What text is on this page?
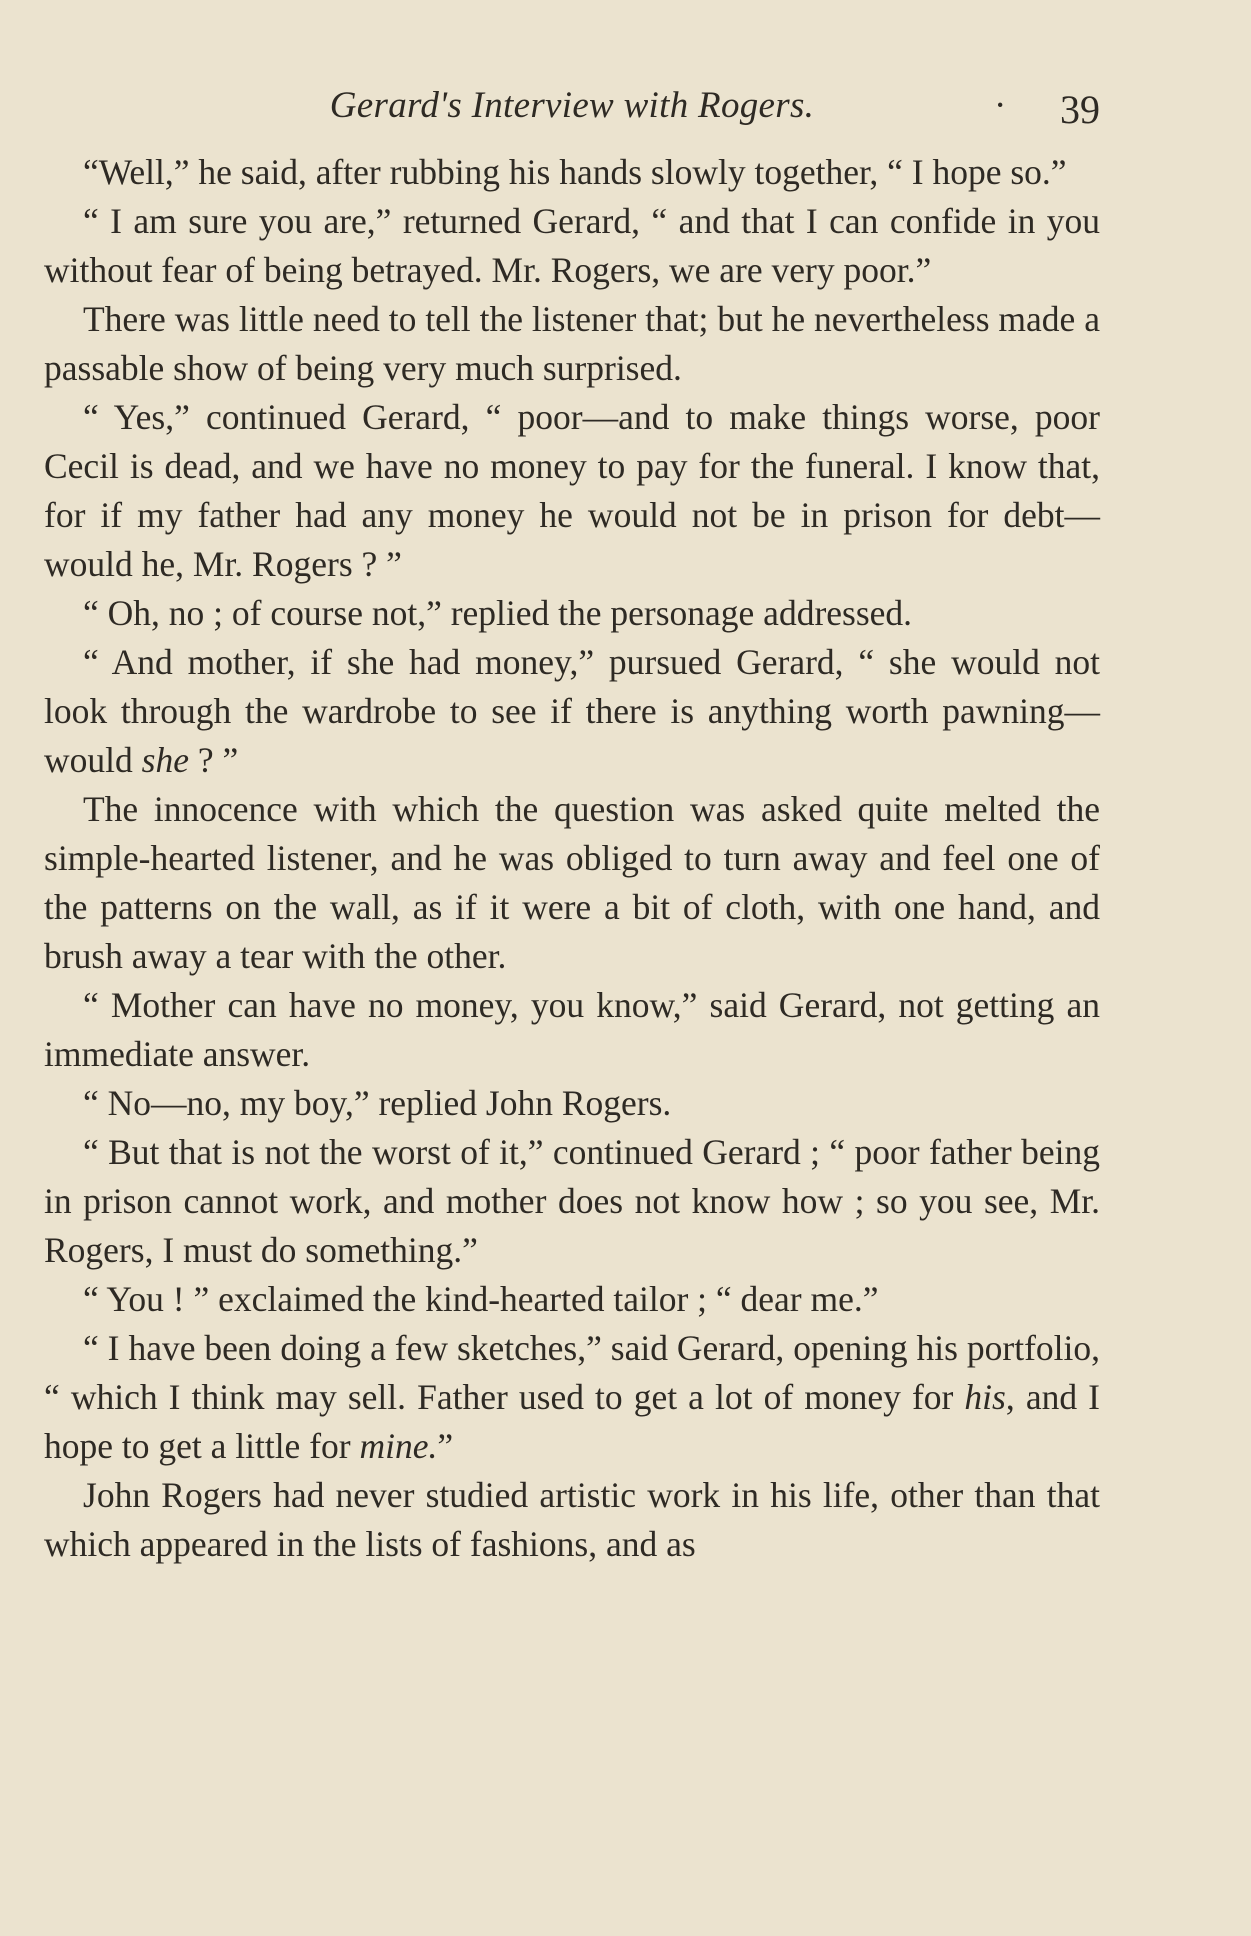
Gerard's Interview with Rogers.	· 39

“Well,” he said, after rubbing his hands slowly together, “ I hope so.”

“ I am sure you are,” returned Gerard, “ and that I can confide in you without fear of being betrayed. Mr. Rogers, we are very poor.”

There was little need to tell the listener that; but he nevertheless made a passable show of being very much surprised.

“ Yes,” continued Gerard, “ poor—and to make things worse, poor Cecil is dead, and we have no money to pay for the funeral. I know that, for if my father had any money he would not be in prison for debt—would he, Mr. Rogers ? ”

“ Oh, no ; of course not,” replied the personage addressed.

“ And mother, if she had money,” pursued Gerard, “ she would not look through the wardrobe to see if there is anything worth pawning—would she ? ”

The innocence with which the question was asked quite melted the simple-hearted listener, and he was obliged to turn away and feel one of the patterns on the wall, as if it were a bit of cloth, with one hand, and brush away a tear with the other.

“ Mother can have no money, you know,” said Gerard, not getting an immediate answer.

“ No—no, my boy,” replied John Rogers.

“ But that is not the worst of it,” continued Gerard ; “ poor father being in prison cannot work, and mother does not know how ; so you see, Mr. Rogers, I must do something.”

“ You ! ” exclaimed the kind-hearted tailor ; “ dear me.”

“ I have been doing a few sketches,” said Gerard, opening his portfolio, “ which I think may sell. Father used to get a lot of money for his, and I hope to get a little for mine.”

John Rogers had never studied artistic work in his life, other than that which appeared in the lists of fashions, and as
